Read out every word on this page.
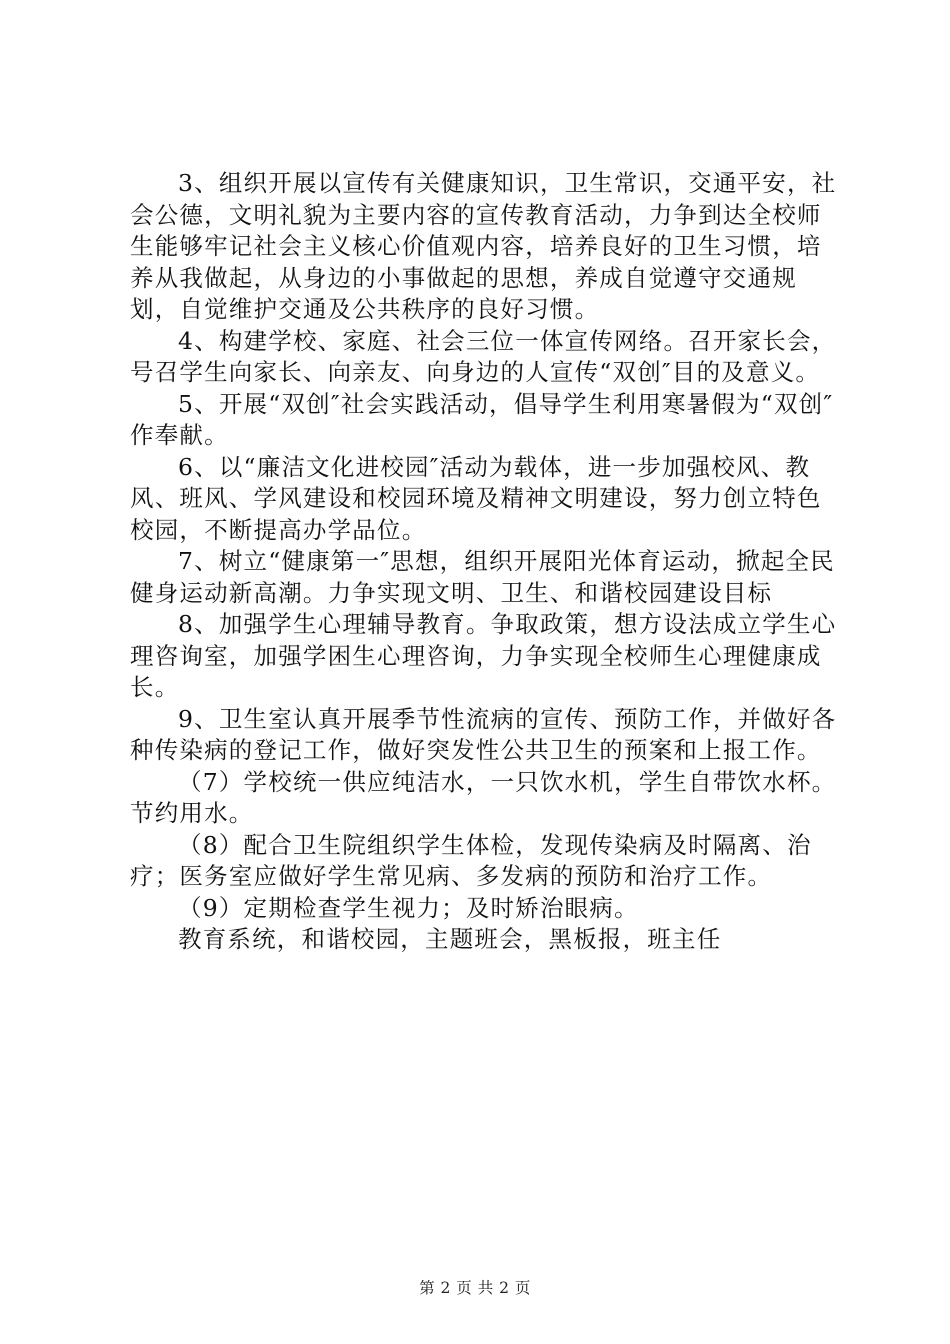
3、组织开展以宣传有关健康知识，卫生常识，交通平安，社会公德，文明礼貌为主要内容的宣传教育活动，力争到达全校师生能够牢记社会主义核心价值观内容，培养良好的卫生习惯，培养从我做起，从身边的小事做起的思想，养成自觉遵守交通规划，自觉维护交通及公共秩序的良好习惯。

4、构建学校、家庭、社会三位一体宣传网络。召开家长会，号召学生向家长、向亲友、向身边的人宣传“双创″目的及意义。

5、开展“双创″社会实践活动，倡导学生利用寒暑假为“双创″作奉献。

6、以“廉洁文化进校园″活动为载体，进一步加强校风、教风、班风、学风建设和校园环境及精神文明建设，努力创立特色校园，不断提高办学品位。

7、树立“健康第一″思想，组织开展阳光体育运动，掀起全民健身运动新高潮。力争实现文明、卫生、和谐校园建设目标

8、加强学生心理辅导教育。争取政策，想方设法成立学生心理咨询室，加强学困生心理咨询，力争实现全校师生心理健康成长。

9、卫生室认真开展季节性流病的宣传、预防工作，并做好各种传染病的登记工作，做好突发性公共卫生的预案和上报工作。

（7）学校统一供应纯洁水，一只饮水机，学生自带饮水杯。节约用水。

（8）配合卫生院组织学生体检，发现传染病及时隔离、治疗；医务室应做好学生常见病、多发病的预防和治疗工作。

（9）定期检查学生视力；及时矫治眼病。

教育系统，和谐校园，主题班会，黑板报，班主任

第 2 页 共 2 页
